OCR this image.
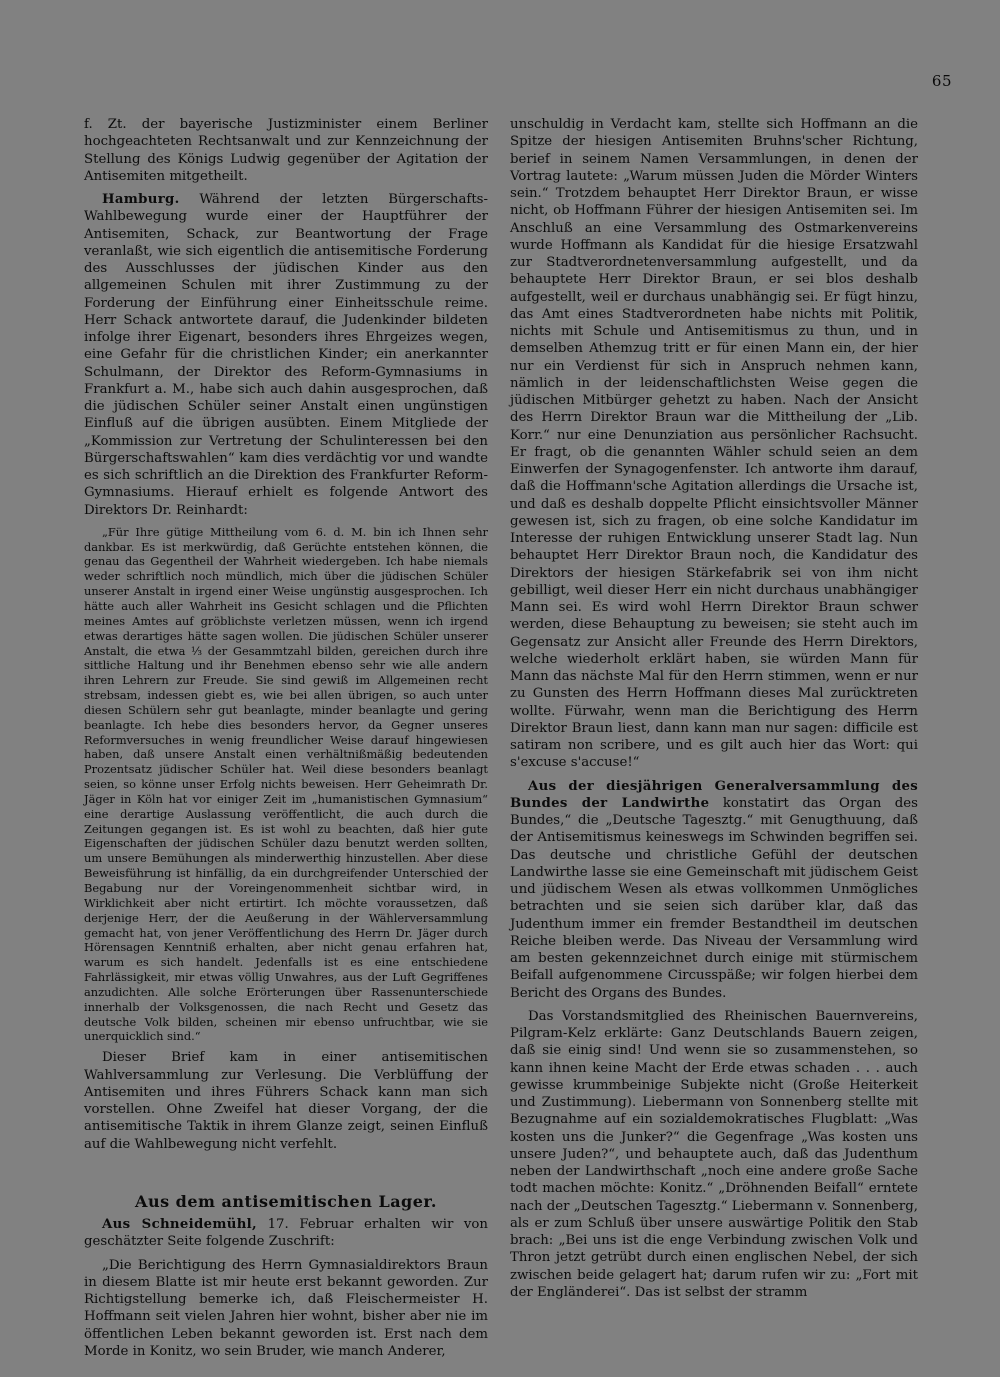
65

f. Zt. der bayerische Justizminister einem Berliner hochgeachteten Rechtsanwalt und zur Kennzeichnung der Stellung des Königs Ludwig gegenüber der Agitation der Antisemiten mitgetheilt.

Hamburg. Während der letzten Bürgerschafts-Wahlbewegung wurde einer der Hauptführer der Antisemiten, Schack, zur Beantwortung der Frage veranlaßt, wie sich eigentlich die antisemitische Forderung des Ausschlusses der jüdischen Kinder aus den allgemeinen Schulen mit ihrer Zustimmung zu der Forderung der Einführung einer Einheitsschule reime. Herr Schack antwortete darauf, die Judenkinder bildeten infolge ihrer Eigenart, besonders ihres Ehrgeizes wegen, eine Gefahr für die christlichen Kinder; ein anerkannter Schulmann, der Direktor des Reform-Gymnasiums in Frankfurt a. M., habe sich auch dahin ausgesprochen, daß die jüdischen Schüler seiner Anstalt einen ungünstigen Einfluß auf die übrigen ausübten. Einem Mitgliede der „Kommission zur Vertretung der Schulinteressen bei den Bürgerschaftswahlen“ kam dies verdächtig vor und wandte es sich schriftlich an die Direktion des Frankfurter Reform-Gymnasiums. Hierauf erhielt es folgende Antwort des Direktors Dr. Reinhardt:

„Für Ihre gütige Mittheilung vom 6. d. M. bin ich Ihnen sehr dankbar. Es ist merkwürdig, daß Gerüchte entstehen können, die genau das Gegentheil der Wahrheit wiedergeben. Ich habe niemals weder schriftlich noch mündlich, mich über die jüdischen Schüler unserer Anstalt in irgend einer Weise ungünstig ausgesprochen. Ich hätte auch aller Wahrheit ins Gesicht schlagen und die Pflichten meines Amtes auf gröblichste verletzen müssen, wenn ich irgend etwas derartiges hätte sagen wollen. Die jüdischen Schüler unserer Anstalt, die etwa ⅓ der Gesammtzahl bilden, gereichen durch ihre sittliche Haltung und ihr Benehmen ebenso sehr wie alle andern ihren Lehrern zur Freude. Sie sind gewiß im Allgemeinen recht strebsam, indessen giebt es, wie bei allen übrigen, so auch unter diesen Schülern sehr gut beanlagte, minder beanlagte und gering beanlagte. Ich hebe dies besonders hervor, da Gegner unseres Reformversuches in wenig freundlicher Weise darauf hingewiesen haben, daß unsere Anstalt einen verhältnißmäßig bedeutenden Prozentsatz jüdischer Schüler hat. Weil diese besonders beanlagt seien, so könne unser Erfolg nichts beweisen. Herr Geheimrath Dr. Jäger in Köln hat vor einiger Zeit im „humanistischen Gymnasium“ eine derartige Auslassung veröffentlicht, die auch durch die Zeitungen gegangen ist. Es ist wohl zu beachten, daß hier gute Eigenschaften der jüdischen Schüler dazu benutzt werden sollten, um unsere Bemühungen als minderwerthig hinzustellen. Aber diese Beweisführung ist hinfällig, da ein durchgreifender Unterschied der Begabung nur der Voreingenommenheit sichtbar wird, in Wirklichkeit aber nicht ertirtirt. Ich möchte voraussetzen, daß derjenige Herr, der die Aeußerung in der Wählerversammlung gemacht hat, von jener Veröffentlichung des Herrn Dr. Jäger durch Hörensagen Kenntniß erhalten, aber nicht genau erfahren hat, warum es sich handelt. Jedenfalls ist es eine entschiedene Fahrlässigkeit, mir etwas völlig Unwahres, aus der Luft Gegriffenes anzudichten. Alle solche Erörterungen über Rassenunterschiede innerhalb der Volksgenossen, die nach Recht und Gesetz das deutsche Volk bilden, scheinen mir ebenso unfruchtbar, wie sie unerquicklich sind.“

Dieser Brief kam in einer antisemitischen Wahlversammlung zur Verlesung. Die Verblüffung der Antisemiten und ihres Führers Schack kann man sich vorstellen. Ohne Zweifel hat dieser Vorgang, der die antisemitische Taktik in ihrem Glanze zeigt, seinen Einfluß auf die Wahlbewegung nicht verfehlt.

Aus dem antisemitischen Lager.

Aus Schneidemühl, 17. Februar erhalten wir von geschätzter Seite folgende Zuschrift:

„Die Berichtigung des Herrn Gymnasialdirektors Braun in diesem Blatte ist mir heute erst bekannt geworden. Zur Richtigstellung bemerke ich, daß Fleischermeister H. Hoffmann seit vielen Jahren hier wohnt, bisher aber nie im öffentlichen Leben bekannt geworden ist. Erst nach dem Morde in Konitz, wo sein Bruder, wie manch Anderer,

unschuldig in Verdacht kam, stellte sich Hoffmann an die Spitze der hiesigen Antisemiten Bruhns'scher Richtung, berief in seinem Namen Versammlungen, in denen der Vortrag lautete: „Warum müssen Juden die Mörder Winters sein.“ Trotzdem behauptet Herr Direktor Braun, er wisse nicht, ob Hoffmann Führer der hiesigen Antisemiten sei. Im Anschluß an eine Versammlung des Ostmarkenvereins wurde Hoffmann als Kandidat für die hiesige Ersatzwahl zur Stadtverordnetenversammlung aufgestellt, und da behauptete Herr Direktor Braun, er sei blos deshalb aufgestellt, weil er durchaus unabhängig sei. Er fügt hinzu, das Amt eines Stadtverordneten habe nichts mit Politik, nichts mit Schule und Antisemitismus zu thun, und in demselben Athemzug tritt er für einen Mann ein, der hier nur ein Verdienst für sich in Anspruch nehmen kann, nämlich in der leidenschaftlichsten Weise gegen die jüdischen Mitbürger gehetzt zu haben. Nach der Ansicht des Herrn Direktor Braun war die Mittheilung der „Lib. Korr.“ nur eine Denunziation aus persönlicher Rachsucht. Er fragt, ob die genannten Wähler schuld seien an dem Einwerfen der Synagogenfenster. Ich antworte ihm darauf, daß die Hoffmann'sche Agitation allerdings die Ursache ist, und daß es deshalb doppelte Pflicht einsichtsvoller Männer gewesen ist, sich zu fragen, ob eine solche Kandidatur im Interesse der ruhigen Entwicklung unserer Stadt lag. Nun behauptet Herr Direktor Braun noch, die Kandidatur des Direktors der hiesigen Stärkefabrik sei von ihm nicht gebilligt, weil dieser Herr ein nicht durchaus unabhängiger Mann sei. Es wird wohl Herrn Direktor Braun schwer werden, diese Behauptung zu beweisen; sie steht auch im Gegensatz zur Ansicht aller Freunde des Herrn Direktors, welche wiederholt erklärt haben, sie würden Mann für Mann das nächste Mal für den Herrn stimmen, wenn er nur zu Gunsten des Herrn Hoffmann dieses Mal zurücktreten wollte. Fürwahr, wenn man die Berichtigung des Herrn Direktor Braun liest, dann kann man nur sagen: difficile est satiram non scribere, und es gilt auch hier das Wort: qui s'excuse s'accuse!“

Aus der diesjährigen Generalversammlung des Bundes der Landwirthe konstatirt das Organ des Bundes,“ die „Deutsche Tagesztg.“ mit Genugthuung, daß der Antisemitismus keineswegs im Schwinden begriffen sei. Das deutsche und christliche Gefühl der deutschen Landwirthe lasse sie eine Gemeinschaft mit jüdischem Geist und jüdischem Wesen als etwas vollkommen Unmögliches betrachten und sie seien sich darüber klar, daß das Judenthum immer ein fremder Bestandtheil im deutschen Reiche bleiben werde. Das Niveau der Versammlung wird am besten gekennzeichnet durch einige mit stürmischem Beifall aufgenommene Circusspäße; wir folgen hierbei dem Bericht des Organs des Bundes.

Das Vorstandsmitglied des Rheinischen Bauernvereins, Pilgram-Kelz erklärte: Ganz Deutschlands Bauern zeigen, daß sie einig sind! Und wenn sie so zusammenstehen, so kann ihnen keine Macht der Erde etwas schaden . . . auch gewisse krummbeinige Subjekte nicht (Große Heiterkeit und Zustimmung). Liebermann von Sonnenberg stellte mit Bezugnahme auf ein sozialdemokratisches Flugblatt: „Was kosten uns die Junker?“ die Gegenfrage „Was kosten uns unsere Juden?“, und behauptete auch, daß das Judenthum neben der Landwirthschaft „noch eine andere große Sache todt machen möchte: Konitz.“ „Dröhnenden Beifall“ erntete nach der „Deutschen Tagesztg.“ Liebermann v. Sonnenberg, als er zum Schluß über unsere auswärtige Politik den Stab brach: „Bei uns ist die enge Verbindung zwischen Volk und Thron jetzt getrübt durch einen englischen Nebel, der sich zwischen beide gelagert hat; darum rufen wir zu: „Fort mit der Engländerei“. Das ist selbst der stramm
